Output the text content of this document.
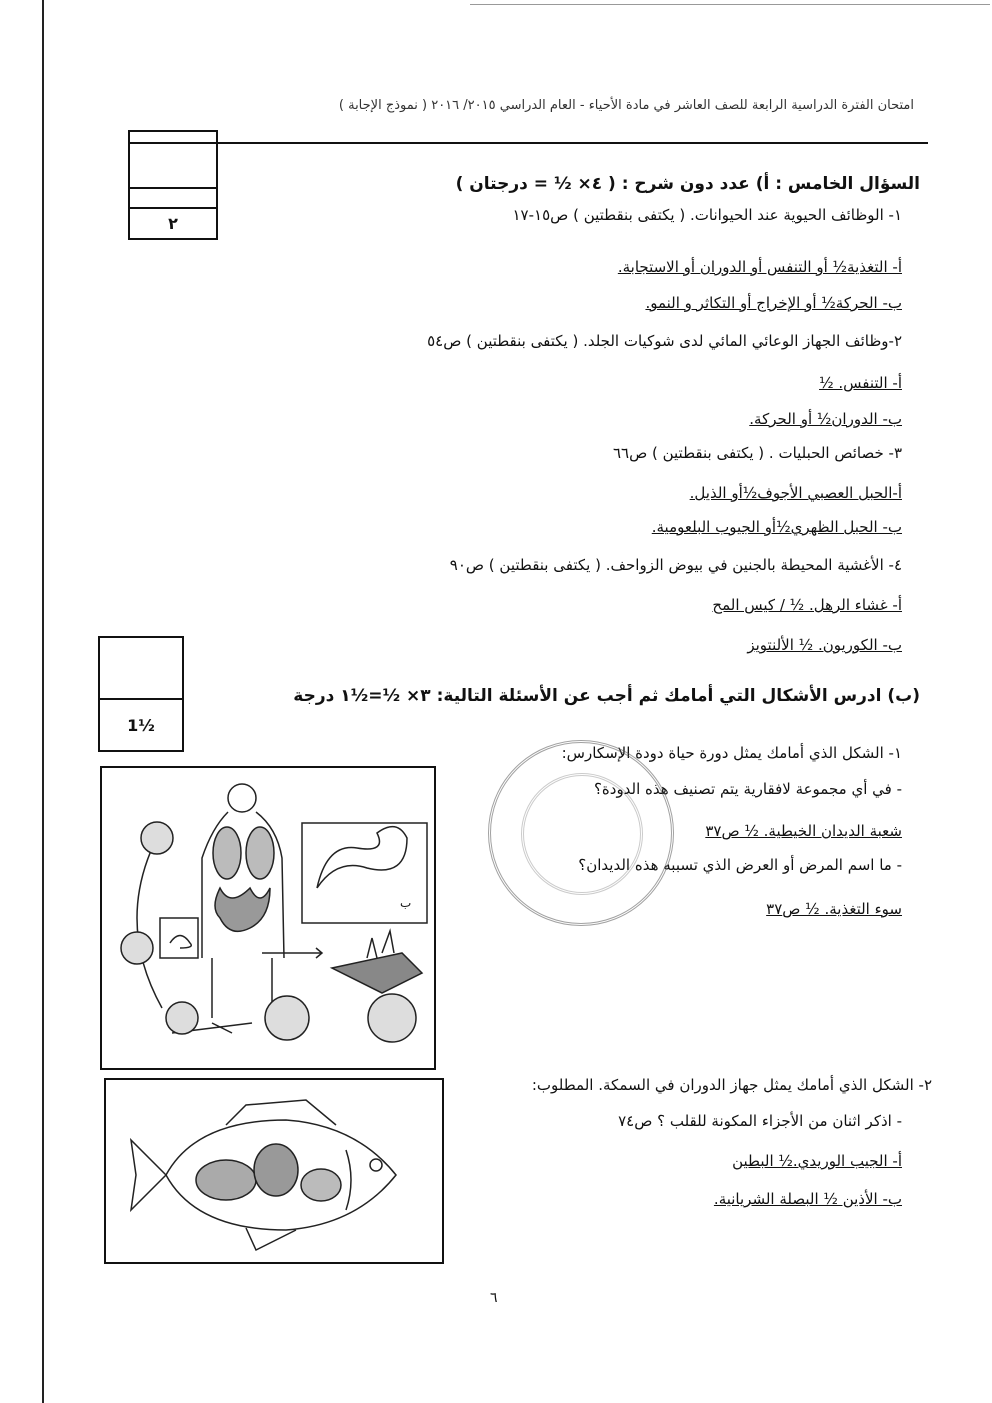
امتحان الفترة الدراسية الرابعة للصف العاشر في مادة الأحياء - العام الدراسي ٢٠١٥/ ٢٠١٦ ( نموذج الإجابة )
٢
السؤال الخامس : أ) عدد دون شرح : ( ٤× ½ = درجتان )
١- الوظائف الحيوية عند الحيوانات. ( يكتفى بنقطتين ) ص١٥-١٧
أ- التغذية½ أو التنفس أو الدوران أو الاستجابة.
ب- الحركة½ أو الإخراج أو التكاثر و النمو.
٢-وظائف الجهاز الوعائي المائي لدى شوكيات الجلد. ( يكتفى بنقطتين ) ص٥٤
أ- التنفس. ½
ب- الدوران½ أو الحركة.
٣- خصائص الحبليات . ( يكتفى بنقطتين ) ص٦٦
أ-الحبل العصبي الأجوف½أو الذيل.
ب- الحبل الظهري½أو الجيوب البلعومية.
٤- الأغشية المحيطة بالجنين في بيوض الزواحف. ( يكتفى بنقطتين ) ص٩٠
أ- غشاء الرهل. ½ / كيس المح
ب- الكوريون. ½ الألنتويز
1½
(ب) ادرس الأشكال التي أمامك ثم أجب عن الأسئلة التالية: ٣× ½=½١ درجة
١- الشكل الذي أمامك يمثل دورة حياة دودة الإسكارس:
- في أي مجموعة لافقارية يتم تصنيف هذه الدودة؟
شعبة الديدان الخيطية. ½ ص٣٧
- ما اسم المرض أو العرض الذي تسببه هذه الديدان؟
سوء التغذية. ½ ص٣٧
ب
٢- الشكل الذي أمامك يمثل جهاز الدوران في السمكة. المطلوب:
- اذكر اثنان من الأجزاء المكونة للقلب ؟ ص٧٤
أ- الجيب الوريدي.½ البطين
ب- الأذين ½ البصلة الشريانية.
٦
